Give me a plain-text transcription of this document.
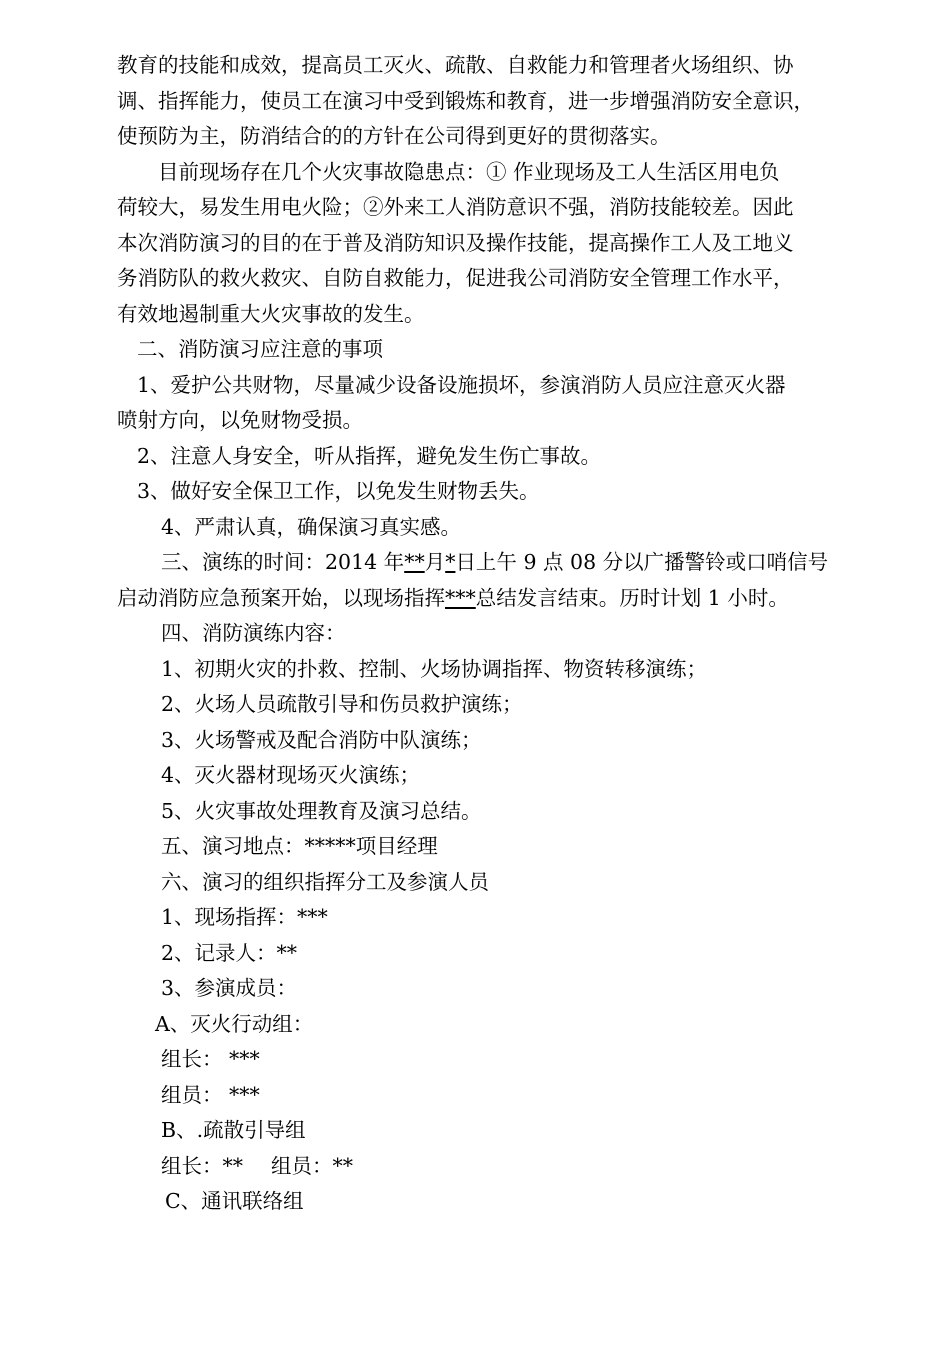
教育的技能和成效，提高员工灭火、疏散、自救能力和管理者火场组织、协
调、指挥能力，使员工在演习中受到锻炼和教育，进一步增强消防安全意识，
使预防为主，防消结合的的方针在公司得到更好的贯彻落实。

目前现场存在几个火灾事故隐患点：① 作业现场及工人生活区用电负
荷较大，易发生用电火险；②外来工人消防意识不强，消防技能较差。因此
本次消防演习的目的在于普及消防知识及操作技能，提高操作工人及工地义
务消防队的救火救灾、自防自救能力，促进我公司消防安全管理工作水平，
有效地遏制重大火灾事故的发生。

二、消防演习应注意的事项

1、爱护公共财物，尽量减少设备设施损坏，参演消防人员应注意灭火器
喷射方向，以免财物受损。

2、注意人身安全，听从指挥，避免发生伤亡事故。

3、做好安全保卫工作，以免发生财物丢失。

4、严肃认真，确保演习真实感。

三、演练的时间：2014 年**月*日上午 9 点 08 分以广播警铃或口哨信号
启动消防应急预案开始，以现场指挥***总结发言结束。历时计划 1 小时。

四、消防演练内容：

1、初期火灾的扑救、控制、火场协调指挥、物资转移演练；

2、火场人员疏散引导和伤员救护演练；

3、火场警戒及配合消防中队演练；

4、灭火器材现场灭火演练；

5、火灾事故处理教育及演习总结。

五、演习地点：*****项目经理

六、演习的组织指挥分工及参演人员

1、现场指挥：***

2、记录人：**

3、参演成员：

A、灭火行动组：

组长： ***

组员： ***

B、.疏散引导组

组长：** 组员：**

C、通讯联络组
